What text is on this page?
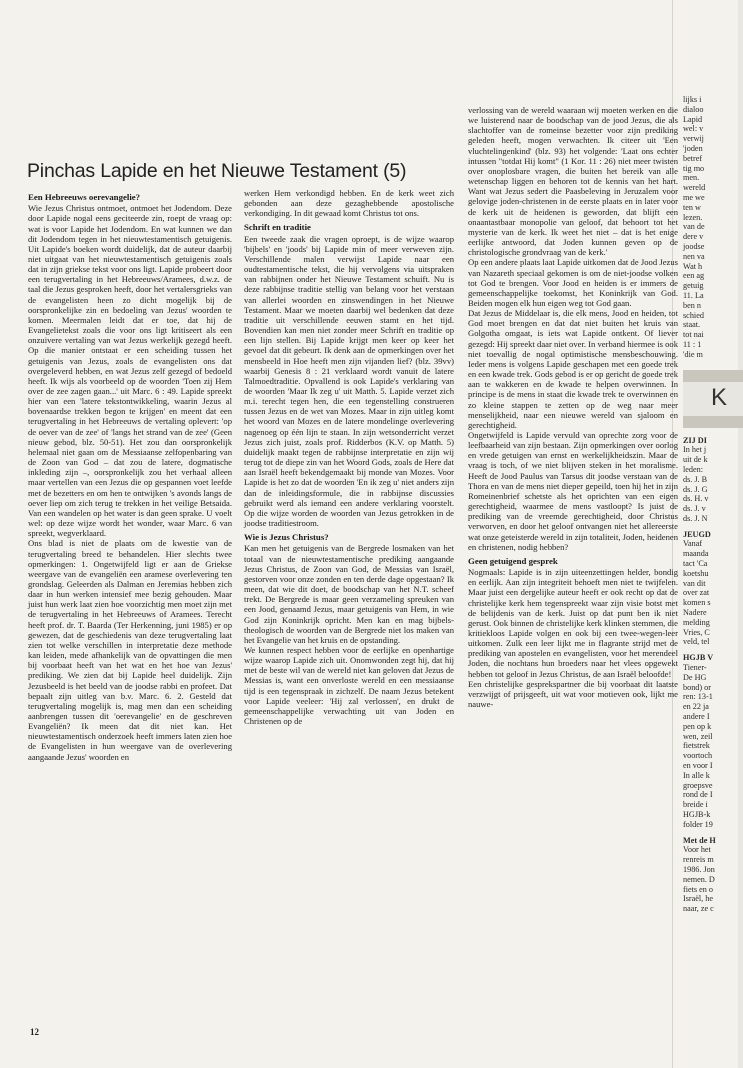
Pinchas Lapide en het Nieuwe Testament (5)
Een Hebreeuws oerevangelie?

Wie Jezus Christus ontmoet, ontmoet het Jodendom. Deze door Lapide nogal eens geciteerde zin, roept de vraag op: wat is voor Lapide het Jodendom. En wat kunnen we dan dit Jodendom tegen in het nieuwtestamentisch getuigenis. Uit Lapide's boeken wordt duidelijk, dat de auteur daarbij niet uitgaat van het nieuwtestamentisch getuigenis zoals dat in zijn griekse tekst voor ons ligt. Lapide probeert door een terugvertaling in het Hebreeuws/Aramees, d.w.z. de taal die Jezus gesproken heeft, door het vertalersgrieks van de evangelisten heen zo dicht mogelijk bij de oorspronkelijke zin en bedoeling van Jezus' woorden te komen. Meermalen leidt dat er toe, dat hij de Evangelietekst zoals die voor ons ligt kritiseert als een onzuivere vertaling van wat Jezus werkelijk gezegd heeft. Op die manier ontstaat er een scheiding tussen het getuigenis van Jezus, zoals de evangelisten ons dat overgeleverd hebben, en wat Jezus zelf gezegd of bedoeld heeft. Ik wijs als voorbeeld op de woorden 'Toen zij Hem over de zee zagen gaan...' uit Marc. 6 : 49. Lapide spreekt hier van een 'latere tekstontwikkeling, waarin Jezus al bovenaardse trekken begon te krijgen' en meent dat een terugvertaling in het Hebreeuws de vertaling oplevert: 'op de oever van de zee' of 'langs het strand van de zee' (Geen nieuw gebod, blz. 50-51). Het zou dan oorspronkelijk helemaal niet gaan om de Messiaanse zelfopenbaring van de Zoon van God – dat zou de latere, dogmatische inkleding zijn –, oorspronkelijk zou het verhaal alleen maar vertellen van een Jezus die op gespannen voet leefde met de bezetters en om hen te ontwijken 's avonds langs de oever liep om zich terug te trekken in het veilige Betsaida. Van een wandelen op het water is dan geen sprake. U voelt wel: op deze wijze wordt het wonder, waar Marc. 6 van spreekt, wegverklaard.

Ons blad is niet de plaats om de kwestie van de terugvertaling breed te behandelen. Hier slechts twee opmerkingen: 1. Ongetwijfeld ligt er aan de Griekse weergave van de evangeliën een aramese overlevering ten grondslag. Geleerden als Dalman en Jeremias hebben zich daar in hun werken intensief mee bezig gehouden. Maar juist hun werk laat zien hoe voorzichtig men moet zijn met de terugvertaling in het Hebreeuws of Aramees. Terecht heeft prof. dr. T. Baarda (Ter Herkenning, juni 1985) er op gewezen, dat de geschiedenis van deze terugvertaling laat zien tot welke verschillen in interpretatie deze methode kan leiden, mede afhankelijk van de opvattingen die men bij voorbaat heeft van het wat en het hoe van Jezus' prediking. We zien dat bij Lapide heel duidelijk. Zijn Jezusbeeld is het beeld van de joodse rabbi en profeet. Dat bepaalt zijn uitleg van b.v. Marc. 6. 2. Gesteld dat terugvertaling mogelijk is, mag men dan een scheiding aanbrengen tussen dit 'oerevangelie' en de geschreven Evangeliën? Ik meen dat dit niet kan. Het nieuwtestamentisch onderzoek heeft immers laten zien hoe de Evangelisten in hun weergave van de overlevering aangaande Jezus' woorden en

werken Hem verkondigd hebben. En de kerk weet zich gebonden aan deze gezaghebbende apostolische verkondiging. In dit gewaad komt Christus tot ons.

Schrift en traditie

Een tweede zaak die vragen oproept, is de wijze waarop 'bijbels' en 'joods' bij Lapide min of meer verweven zijn. Verschillende malen verwijst Lapide naar een oudtestamentische tekst, die hij vervolgens via uitspraken van rabbijnen onder het Nieuwe Testament schuift. Nu is deze rabbijnse traditie stellig van belang voor het verstaan van allerlei woorden en zinswendingen in het Nieuwe Testament. Maar we moeten daarbij wel bedenken dat deze traditie uit verschillende eeuwen stamt en het tijd. Bovendien kan men niet zonder meer Schrift en traditie op een lijn stellen. Bij Lapide krijgt men keer op keer het gevoel dat dit gebeurt. Ik denk aan de opmerkingen over het mensbeeld in Hoe heeft men zijn vijanden lief? (blz. 39vv) waarbij Genesis 8 : 21 verklaard wordt vanuit de latere Talmoedtraditie. Opvallend is ook Lapide's verklaring van de woorden 'Maar Ik zeg u' uit Matth. 5. Lapide verzet zich m.i. terecht tegen hen, die een tegenstelling construeren tussen Jezus en de wet van Mozes. Maar in zijn uitleg komt het woord van Mozes en de latere mondelinge overlevering nagenoeg op één lijn te staan. In zijn wetsonderricht verzet Jezus zich juist, zoals prof. Ridderbos (K.V. op Matth. 5) duidelijk maakt tegen de rabbijnse interpretatie en zijn wij terug tot de diepe zin van het Woord Gods, zoals de Here dat aan Israël heeft bekendgemaakt bij monde van Mozes. Voor Lapide is het zo dat de woorden 'En ik zeg u' niet anders zijn dan de inleidingsformule, die in rabbijnse discussies gebruikt werd als iemand een andere verklaring voorstelt. Op die wijze worden de woorden van Jezus getrokken in de joodse traditiestroom.

Wie is Jezus Christus?

Kan men het getuigenis van de Bergrede losmaken van het totaal van de nieuwtestamentische prediking aangaande Jezus Christus, de Zoon van God, de Messias van Israël, gestorven voor onze zonden en ten derde dage opgestaan? Ik meen, dat wie dit doet, de boodschap van het N.T. scheef trekt. De Bergrede is maar geen verzameling spreuken van een Jood, genaamd Jezus, maar getuigenis van Hem, in wie God zijn Koninkrijk opricht. Men kan en mag bijbels- theologisch de woorden van de Bergrede niet los maken van het Evangelie van het kruis en de opstanding.

We kunnen respect hebben voor de eerlijke en openhartige wijze waarop Lapide zich uit. Onomwonden zegt hij, dat hij met de beste wil van de wereld niet kan geloven dat Jezus de Messias is, want een onverloste wereld en een messiaanse tijd is een tegenspraak in zichzelf. De naam Jezus betekent voor Lapide veeleer: 'Hij zal verlossen', en drukt de gemeenschappelijke verwachting uit van Joden en Christenen op de

verlossing van de wereld waaraan wij moeten werken en die we luisterend naar de boodschap van de jood Jezus, die als slachtoffer van de romeinse bezetter voor zijn prediking geleden heeft, mogen verwachten. Ik citeer uit 'Een vluchtelingenkind' (blz. 93) het volgende: 'Laat ons echter intussen "totdat Hij komt" (1 Kor. 11 : 26) niet meer twisten over onoplosbare vragen, die buiten het bereik van alle wetenschap liggen en behoren tot de kennis van het hart. Want wat Jezus sedert die Paasbeleving in Jeruzalem voor gelovige joden-christenen in de eerste plaats en in later voor de kerk uit de heidenen is geworden, dat blijft een onaantastbaar monopolie van geloof, dat behoort tot het mysterie van de kerk. Ik weet het niet – dat is het enige eerlijke antwoord, dat Joden kunnen geven op de christologische grondvraag van de kerk.'

Op een andere plaats laat Lapide uitkomen dat de Jood Jezus van Nazareth speciaal gekomen is om de niet-joodse volken tot God te brengen. Voor Jood en heiden is er immers de gemeenschappelijke toekomst, het Koninkrijk van God. Beiden mogen elk hun eigen weg tot God gaan.

Dat Jezus de Middelaar is, die elk mens, Jood en heiden, tot God moet brengen en dat dat niet buiten het kruis van Golgotha omgaat, is iets wat Lapide ontkent. Of liever gezegd: Hij spreekt daar niet over. In verband hiermee is ook niet toevallig de nogal optimistische mensbeschouwing. Ieder mens is volgens Lapide geschapen met een goede trek en een kwade trek. Gods gebod is er op gericht de goede trek aan te wakkeren en de kwade te helpen overwinnen. In principe is de mens in staat die kwade trek te overwinnen en zo kleine stappen te zetten op de weg naar meer menselijkheid, naar een nieuwe wereld van sjaloom en gerechtigheid.

Ongetwijfeld is Lapide vervuld van oprechte zorg voor de leefbaarheid van zijn bestaan. Zijn opmerkingen over oorlog en vrede getuigen van ernst en werkelijkheidszin. Maar de vraag is toch, of we niet blijven steken in het moralisme. Heeft de Jood Paulus van Tarsus dit joodse verstaan van de Thora en van de mens niet dieper gepeild, toen hij het in zijn Romeinenbrief schetste als het oprichten van een eigen gerechtigheid, waarmee de mens vastloopt? Is juist de prediking van de vreemde gerechtigheid, door Christus verworven, en door het geloof ontvangen niet het allereerste wat onze geteisterde wereld in zijn totaliteit, Joden, heidenen en christenen, nodig hebben?

Geen getuigend gesprek

Nogmaals: Lapide is in zijn uiteenzettingen helder, bondig en eerlijk. Aan zijn integriteit behoeft men niet te twijfelen. Maar juist een dergelijke auteur heeft er ook recht op dat de christelijke kerk hem tegenspreekt waar zijn visie botst met de belijdenis van de kerk. Juist op dat punt ben ik niet gerust. Ook binnen de christelijke kerk klinken stemmen, die kritiekloos Lapide volgen en ook bij een twee-wegen-leer uitkomen. Zulk een leer lijkt me in flagrante strijd met de prediking van apostelen en evangelisten, voor het merendeel Joden, die nochtans hun broeders naar het vlees opgewekt hebben tot geloof in Jezus Christus, de aan Israël beloofde!

Een christelijke gesprekspartner die bij voorbaat dit laatste verzwijgt of prijsgeeft, uit wat voor motieven ook, lijkt me nauwe-

lijks i
dialoo
Lapid
wel: v
verwij
'joden
betref
tig mo
men.
wereld
me we
ten w
lezen.
van de
dere v
joodse
nen va
Wat h
een ag
getuig
11. La
ben n
schied
staat.
tot nai
11 : 1
'die m
K
ZIJ DI
In het j
uit de k
leden:
ds. J. B
ds. J. G
ds. H. v
ds. J. v
ds. J. N
JEUGD
Vanaf
maanda
tact 'Ca
koetshu
van dit
over zat
komen s
Nadere
melding
Vries, C
veld, tel
HGJB V
Tiener-
De HG
bond) or
ren: 13-1
en 22 ja
andere I
pen op k
wen, zeil
fietstrek
voortoch
en voor I
In alle k
groepsve
rond de I
breide i
HGJB-k
folder 19
Met de H
Voor het
renreis m
1986. Jon
nemen. D
fiets en o
Israël, he
naar, ze c
12
